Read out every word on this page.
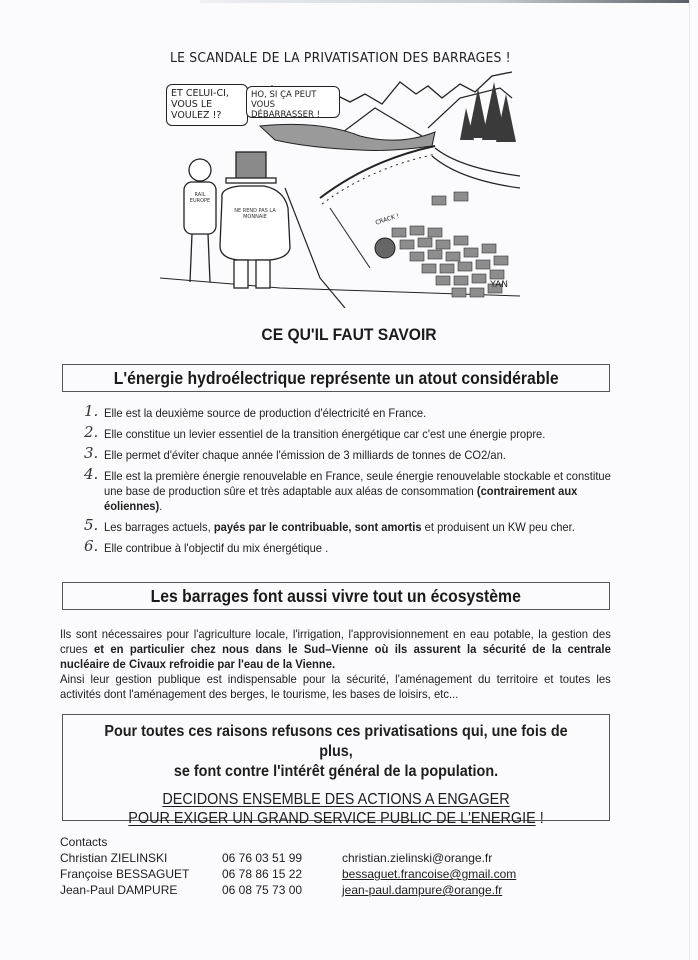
LE SCANDALE DE LA PRIVATISATION DES BARRAGES !
ET CELUI-CI, VOUS LE VOULEZ !?
HO, SI ÇA PEUT VOUS DÉBARRASSER !
RAIL EUROPE
NE REND PAS LA MONNAIE	CRACK !
YAN
CE QU'IL FAUT SAVOIR
L'énergie hydroélectrique représente un atout considérable
1. Elle est la deuxième source de production d'électricité en France.
2. Elle constitue un levier essentiel de la transition énergétique car c'est une énergie propre.
3. Elle permet d'éviter chaque année l'émission de 3 milliards de tonnes de CO2/an.
4. Elle est la première énergie renouvelable en France, seule énergie renouvelable stockable et constitue une base de production sûre et très adaptable aux aléas de consommation (contrairement aux éoliennes).
5. Les barrages actuels, payés par le contribuable, sont amortis et produisent un KW peu cher.
6. Elle contribue à l'objectif du mix énergétique .
Les barrages font aussi vivre tout un écosystème
Ils sont nécessaires pour l'agriculture locale, l'irrigation, l'approvisionnement en eau potable, la gestion des crues et en particulier chez nous dans le Sud–Vienne où ils assurent la sécurité de la centrale nucléaire de Civaux refroidie par l'eau de la Vienne.
Ainsi leur gestion publique est indispensable pour la sécurité, l'aménagement du territoire et toutes les activités dont l'aménagement des berges, le tourisme, les bases de loisirs, etc...
Pour toutes ces raisons refusons ces privatisations qui, une fois de plus,
se font contre l'intérêt général de la population.
DECIDONS ENSEMBLE DES ACTIONS A ENGAGER
POUR EXIGER UN GRAND SERVICE PUBLIC DE L'ENERGIE !
Contacts
Christian ZIELINSKI	06 76 03 51 99	christian.zielinski@orange.fr
Françoise BESSAGUET	06 78 86 15 22	bessaguet.francoise@gmail.com
Jean-Paul DAMPURE	06 08 75 73 00	jean-paul.dampure@orange.fr
